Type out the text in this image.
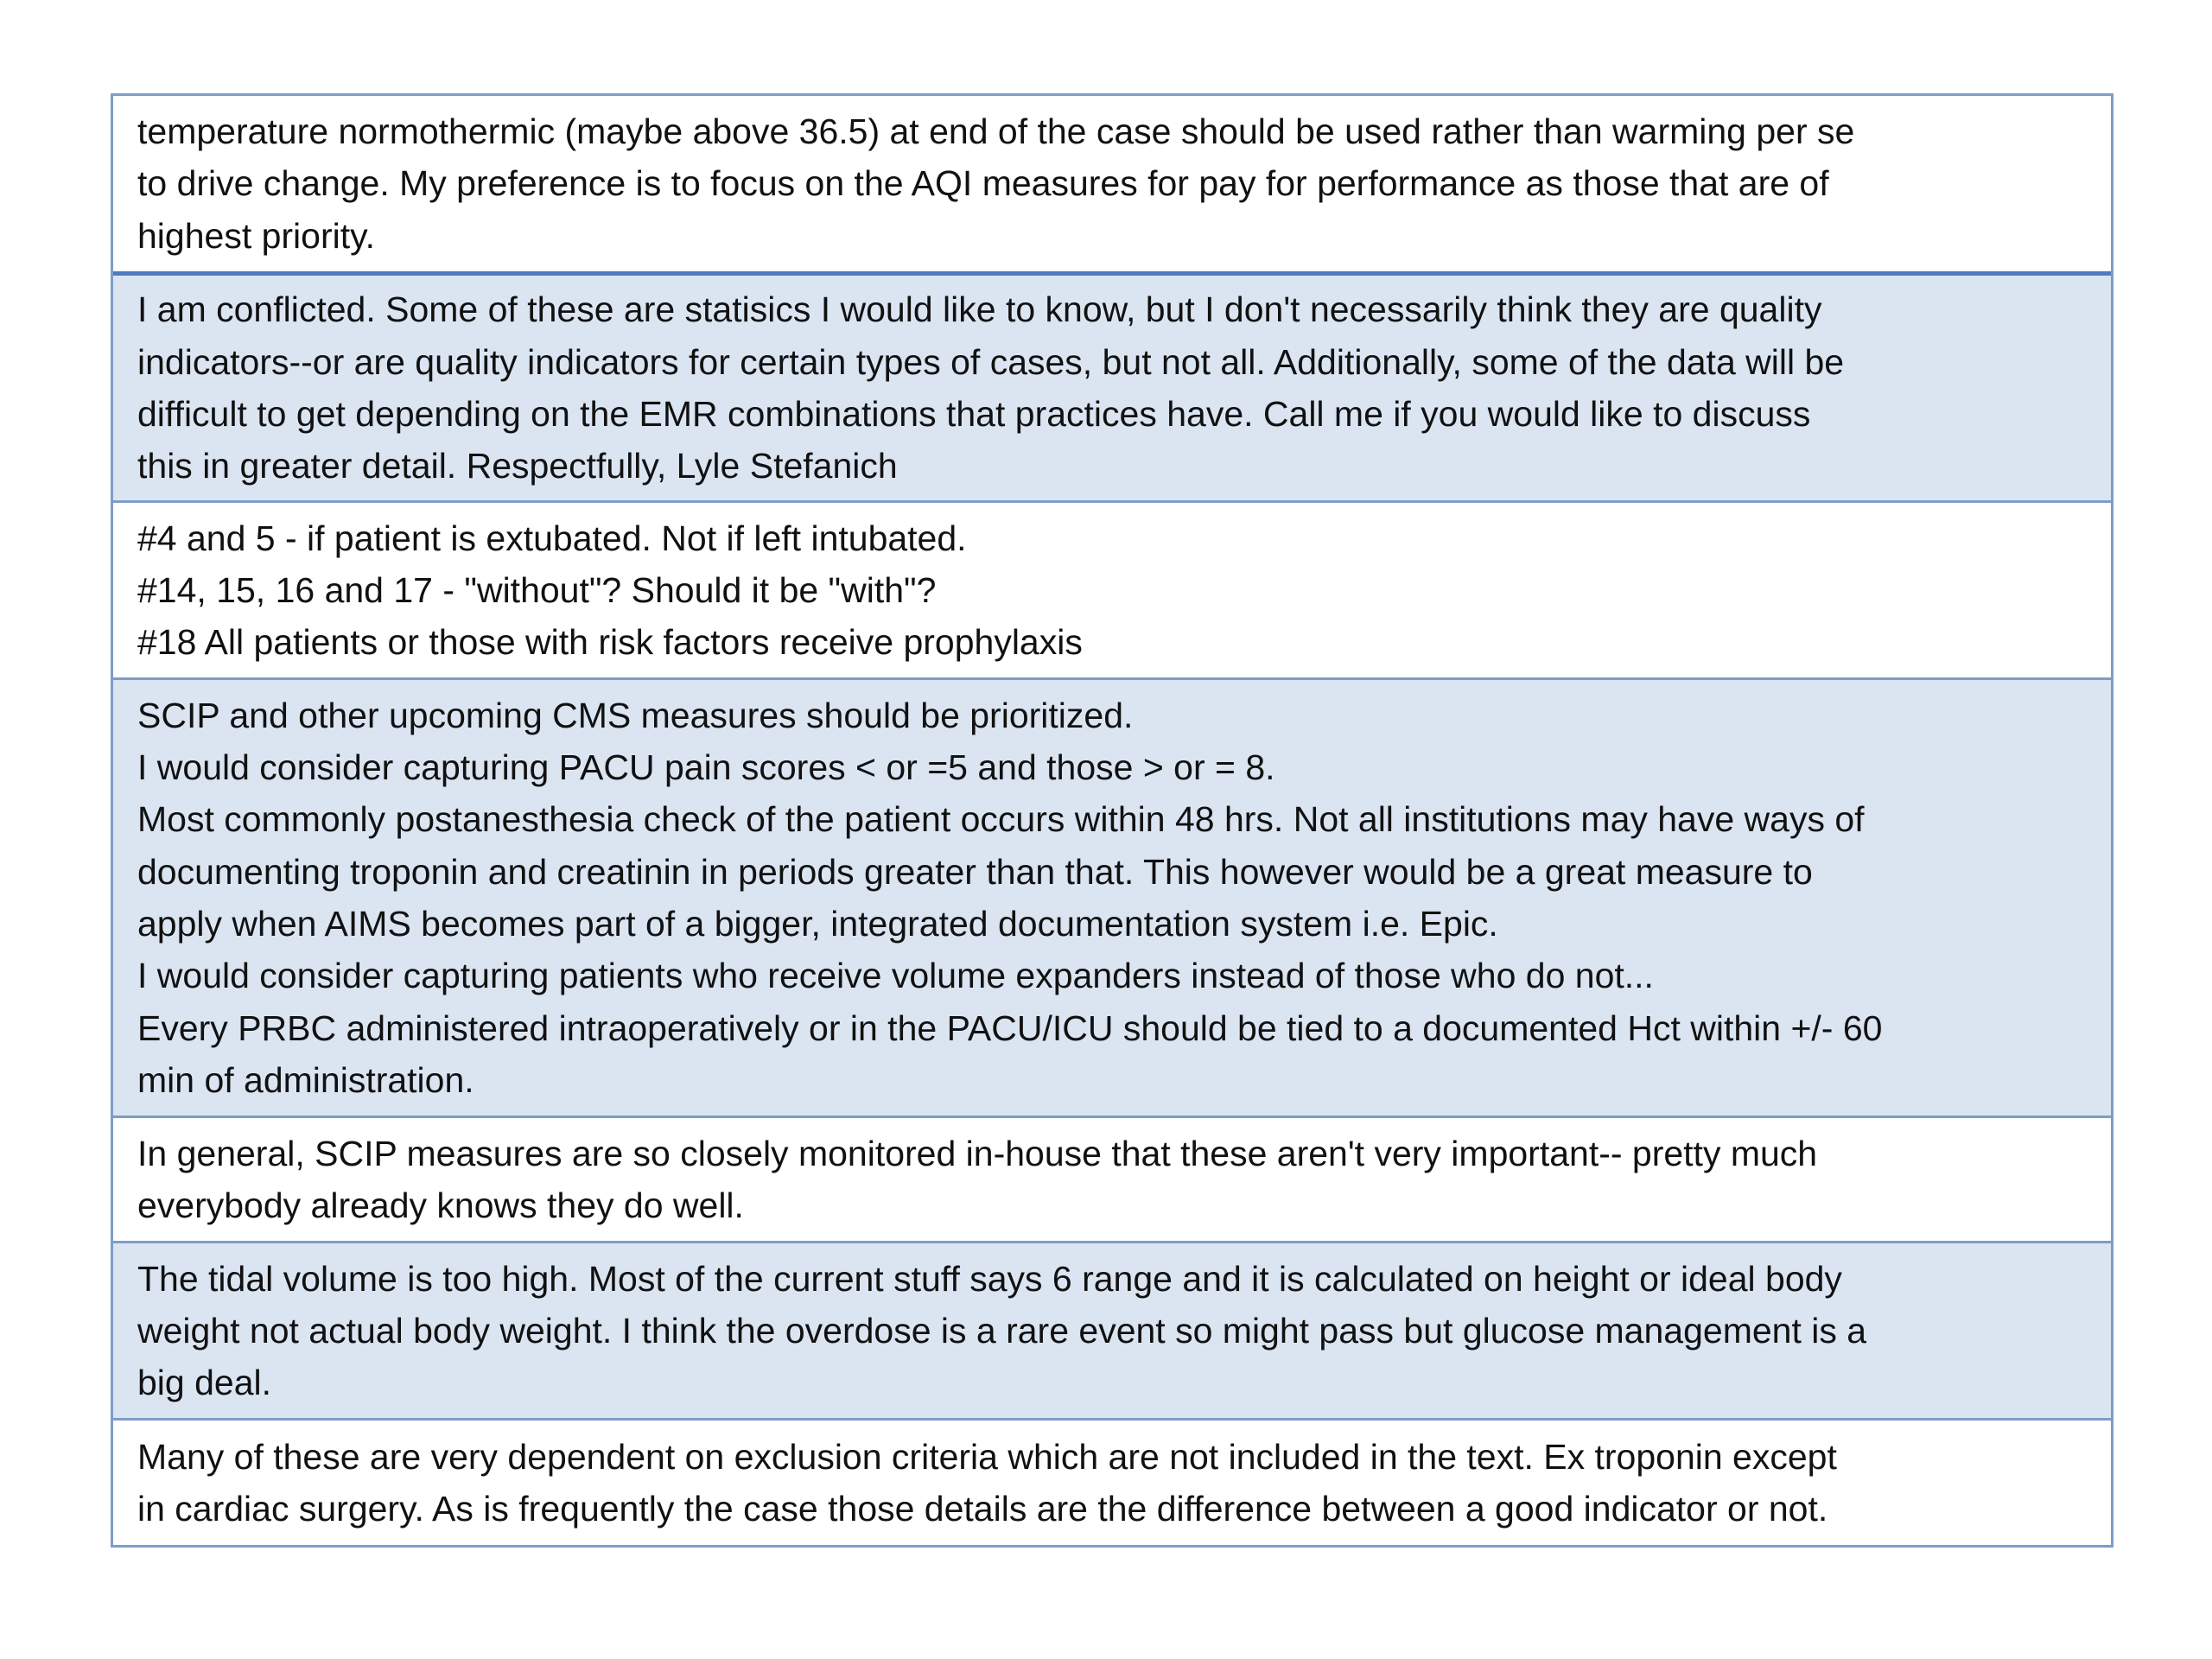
temperature normothermic (maybe above 36.5) at end of the case should be used rather than warming per se
to drive change. My preference is to focus on the AQI measures for pay for performance as those that are of
highest priority.
I am conflicted. Some of these are statisics I would like to know, but I don't necessarily think they are quality
indicators--or are quality indicators for certain types of cases, but not all. Additionally, some of the data will be
difficult to get depending on the EMR combinations that practices have. Call me if you would like to discuss
this in greater detail. Respectfully, Lyle Stefanich
#4 and 5 - if patient is extubated. Not if left intubated.
#14, 15, 16 and 17 - "without"? Should it be "with"?
#18 All patients or those with risk factors receive prophylaxis
SCIP and other upcoming CMS measures should be prioritized.
I would consider capturing PACU pain scores < or =5 and those > or = 8.
Most commonly postanesthesia check of the patient occurs within 48 hrs. Not all institutions may have ways of
documenting troponin and creatinin in periods greater than that. This however would be a great measure to
apply when AIMS becomes part of a bigger, integrated documentation system i.e. Epic.
I would consider capturing patients who receive volume expanders instead of those who do not...
Every PRBC administered intraoperatively or in the PACU/ICU should be tied to a documented Hct within +/- 60
min of administration.
In general, SCIP measures are so closely monitored in-house that these aren't very important-- pretty much
everybody already knows they do well.
The tidal volume is too high. Most of the current stuff says 6 range and it is calculated on height or ideal body
weight not actual body weight. I think the overdose is a rare event so might pass but glucose management is a
big deal.
Many of these are very dependent on exclusion criteria which are not included in the text. Ex troponin except
in cardiac surgery. As is frequently the case those details are the difference between a good indicator or not.
